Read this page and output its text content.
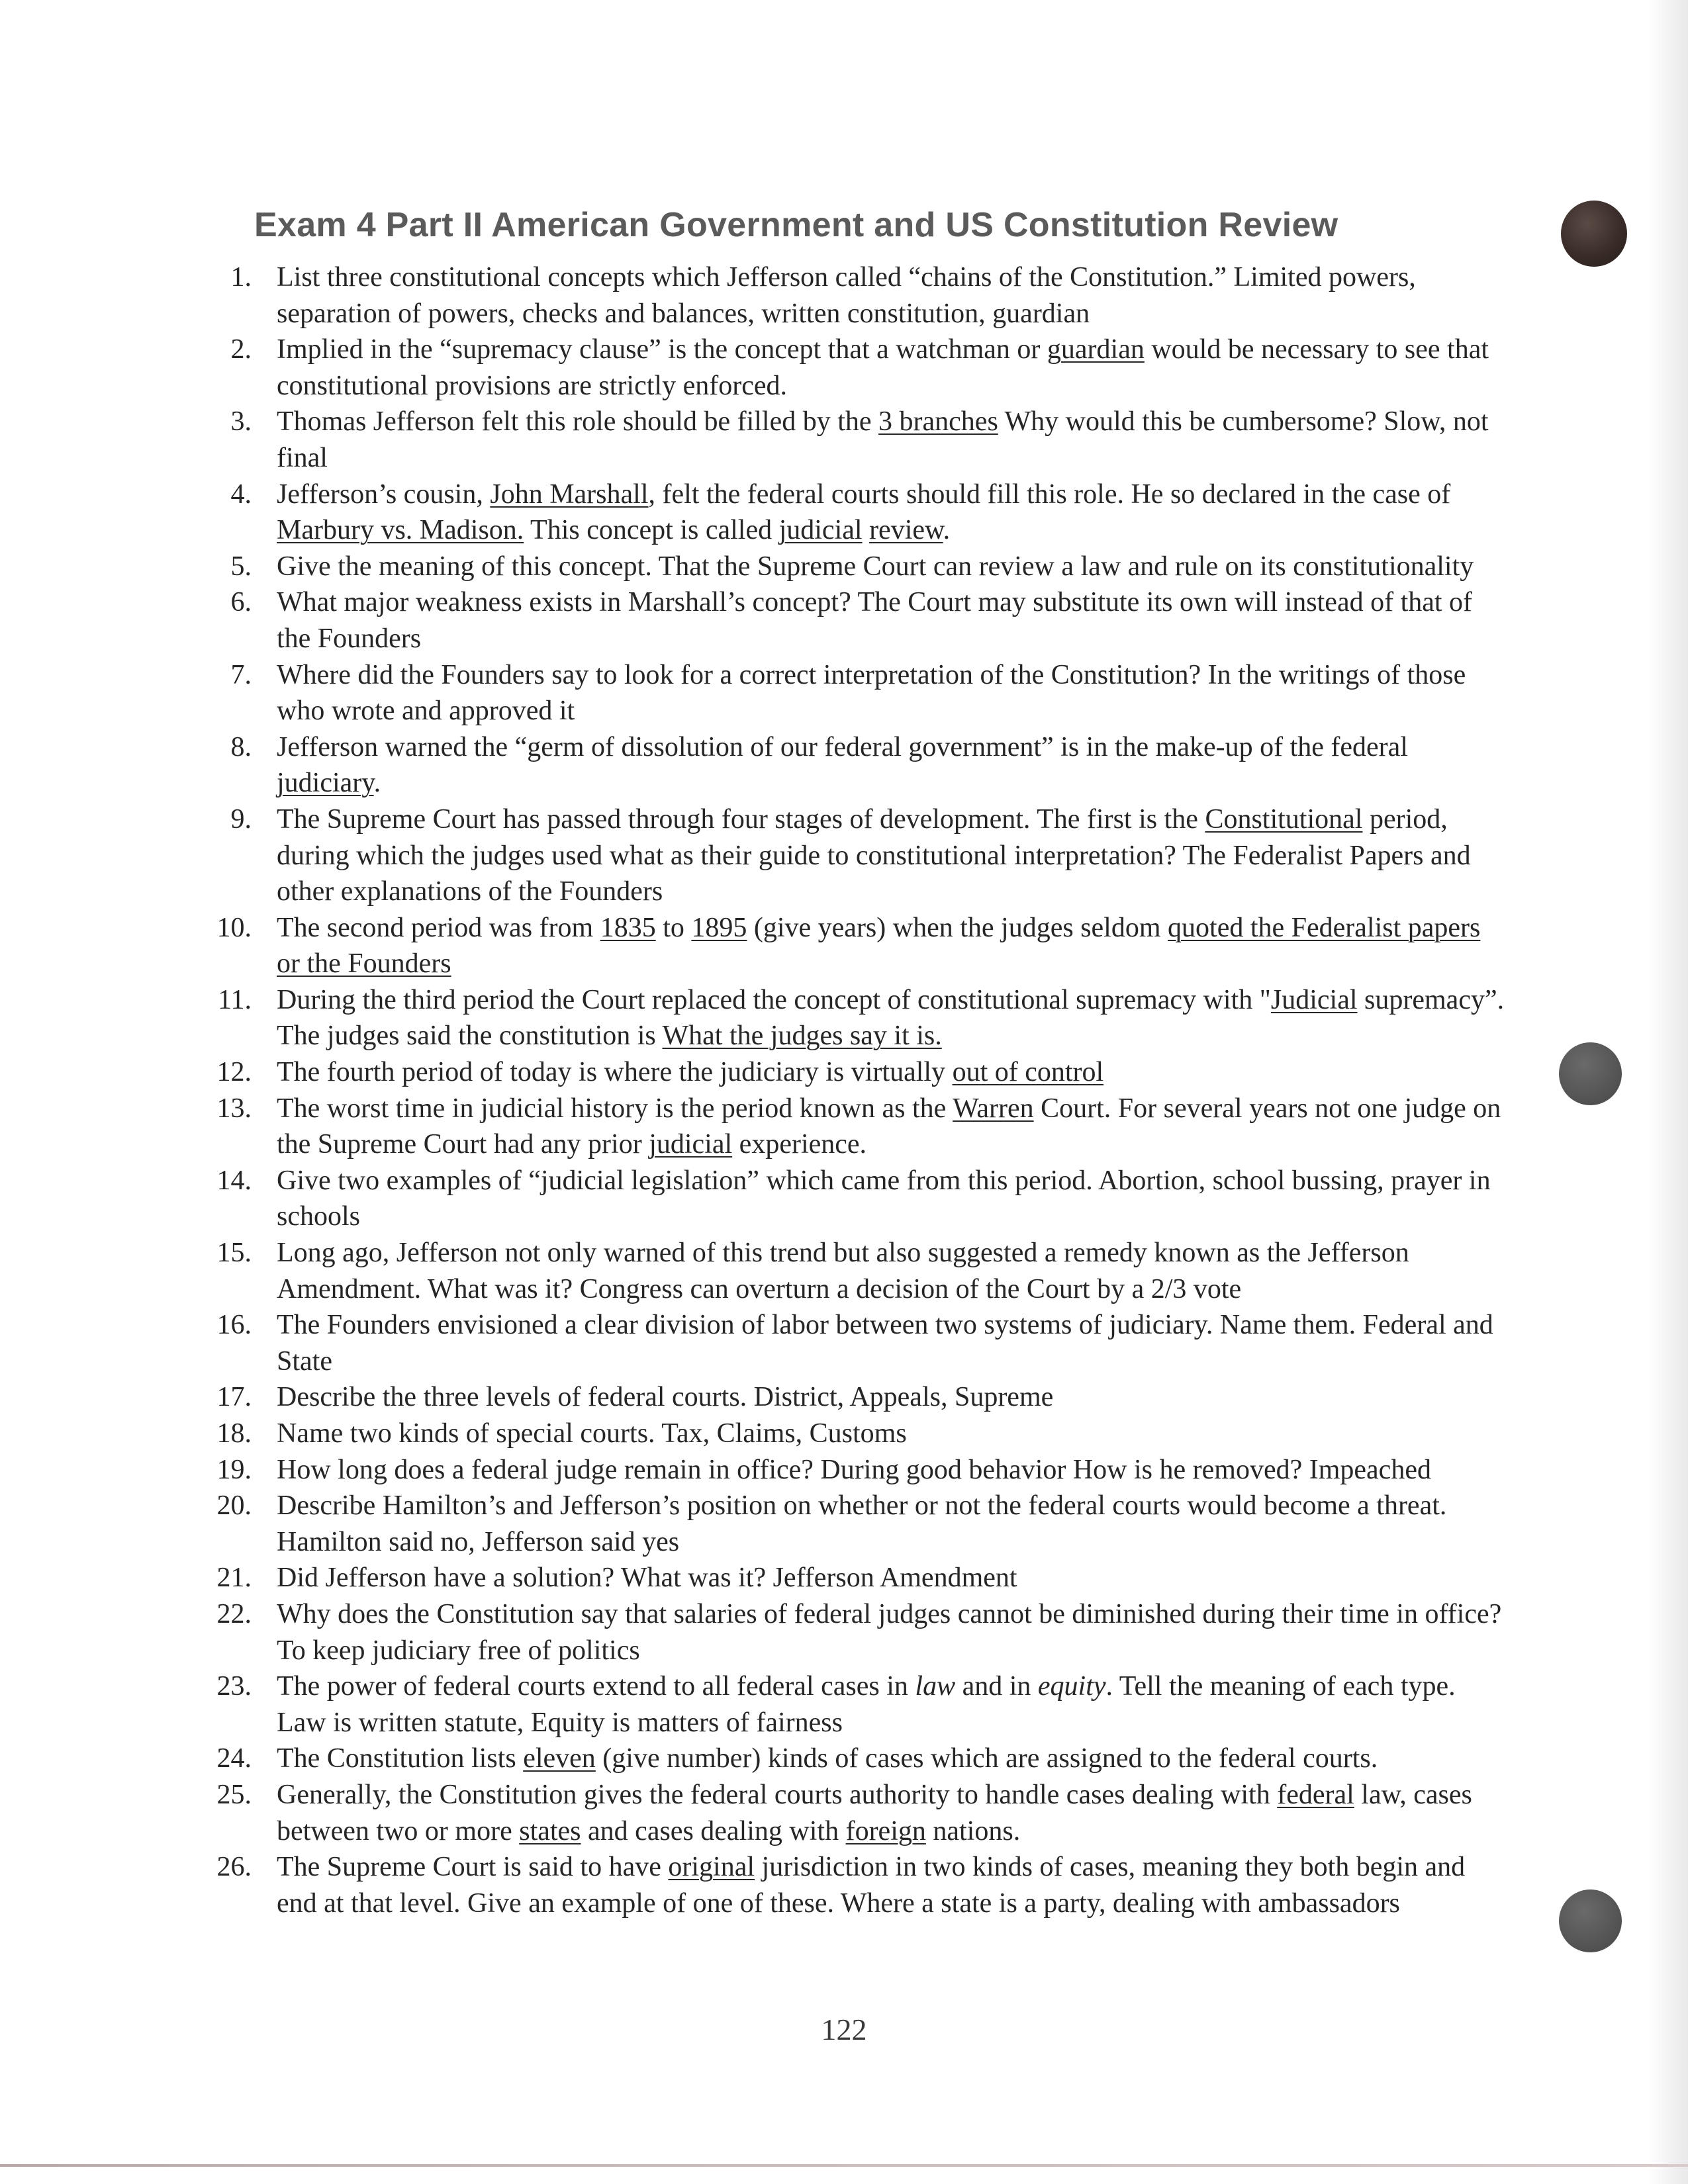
Exam 4 Part II American Government and US Constitution Review
1. List three constitutional concepts which Jefferson called “chains of the Constitution.” Limited powers, separation of powers, checks and balances, written constitution, guardian
2. Implied in the “supremacy clause” is the concept that a watchman or guardian would be necessary to see that constitutional provisions are strictly enforced.
3. Thomas Jefferson felt this role should be filled by the 3 branches Why would this be cumbersome? Slow, not final
4. Jefferson’s cousin, John Marshall, felt the federal courts should fill this role. He so declared in the case of Marbury vs. Madison. This concept is called judicial review.
5. Give the meaning of this concept. That the Supreme Court can review a law and rule on its constitutionality
6. What major weakness exists in Marshall’s concept? The Court may substitute its own will instead of that of the Founders
7. Where did the Founders say to look for a correct interpretation of the Constitution? In the writings of those who wrote and approved it
8. Jefferson warned the “germ of dissolution of our federal government” is in the make-up of the federal judiciary.
9. The Supreme Court has passed through four stages of development. The first is the Constitutional period, during which the judges used what as their guide to constitutional interpretation? The Federalist Papers and other explanations of the Founders
10. The second period was from 1835 to 1895 (give years) when the judges seldom quoted the Federalist papers or the Founders
11. During the third period the Court replaced the concept of constitutional supremacy with "Judicial supremacy”. The judges said the constitution is What the judges say it is.
12. The fourth period of today is where the judiciary is virtually out of control
13. The worst time in judicial history is the period known as the Warren Court. For several years not one judge on the Supreme Court had any prior judicial experience.
14. Give two examples of “judicial legislation” which came from this period. Abortion, school bussing, prayer in schools
15. Long ago, Jefferson not only warned of this trend but also suggested a remedy known as the Jefferson Amendment. What was it? Congress can overturn a decision of the Court by a 2/3 vote
16. The Founders envisioned a clear division of labor between two systems of judiciary. Name them. Federal and State
17. Describe the three levels of federal courts. District, Appeals, Supreme
18. Name two kinds of special courts. Tax, Claims, Customs
19. How long does a federal judge remain in office? During good behavior How is he removed? Impeached
20. Describe Hamilton’s and Jefferson’s position on whether or not the federal courts would become a threat. Hamilton said no, Jefferson said yes
21. Did Jefferson have a solution? What was it? Jefferson Amendment
22. Why does the Constitution say that salaries of federal judges cannot be diminished during their time in office? To keep judiciary free of politics
23. The power of federal courts extend to all federal cases in law and in equity. Tell the meaning of each type. Law is written statute, Equity is matters of fairness
24. The Constitution lists eleven (give number) kinds of cases which are assigned to the federal courts.
25. Generally, the Constitution gives the federal courts authority to handle cases dealing with federal law, cases between two or more states and cases dealing with foreign nations.
26. The Supreme Court is said to have original jurisdiction in two kinds of cases, meaning they both begin and end at that level. Give an example of one of these. Where a state is a party, dealing with ambassadors
122
